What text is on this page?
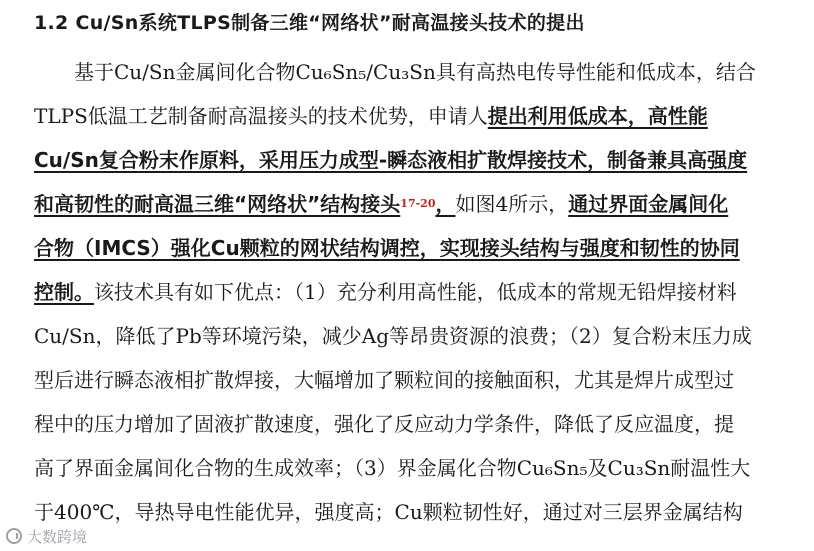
1.2 Cu/Sn系统TLPS制备三维“网络状”耐高温接头技术的提出
基于Cu/Sn金属间化合物Cu₆Sn₅/Cu₃Sn具有高热电传导性能和低成本，结合
TLPS低温工艺制备耐高温接头的技术优势，申请人 提出利用低成本，高性能
Cu/Sn复合粉末作原料，采用压力成型-瞬态液相扩散焊接技术，制备兼具高强度
和高韧性的耐高温三维“网络状”结构接头 17-20 ， 如图4所示， 通过界面金属间化
合物（IMCS）强化Cu颗粒的网状结构调控，实现接头结构与强度和韧性的协同
控制。 该技术具有如下优点：（1）充分利用高性能，低成本的常规无铅焊接材料
Cu/Sn，降低了Pb等环境污染，减少Ag等昂贵资源的浪费；（2）复合粉末压力成
型后进行瞬态液相扩散焊接，大幅增加了颗粒间的接触面积，尤其是焊片成型过
程中的压力增加了固液扩散速度，强化了反应动力学条件，降低了反应温度，提
高了界面金属间化合物的生成效率；（3）界金属化合物Cu₆Sn₅及Cu₃Sn耐温性大
于400℃，导热导电性能优异，强度高；Cu颗粒韧性好，通过对三层界金属结构
大数跨境
